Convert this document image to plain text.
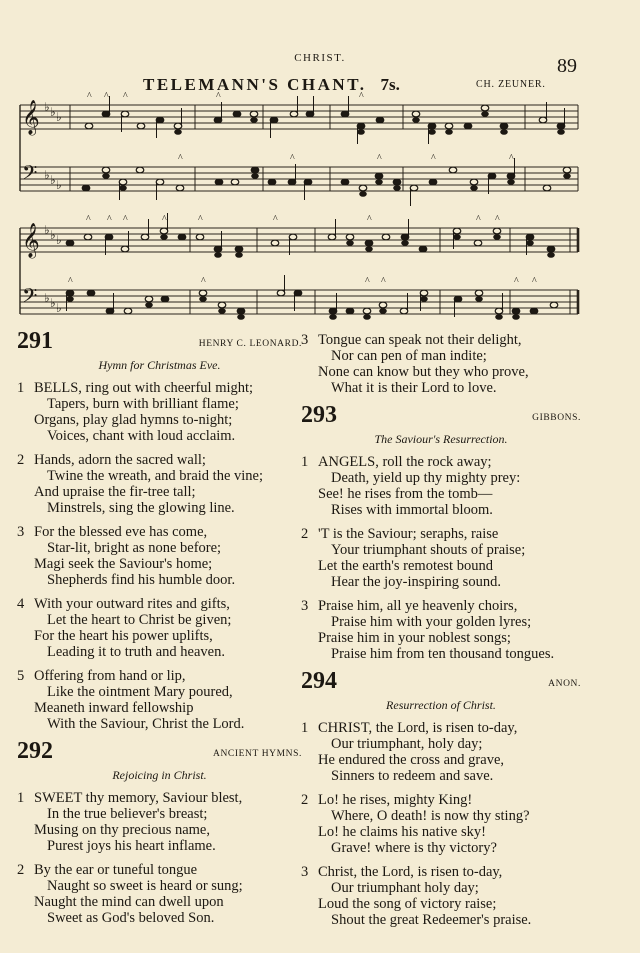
CHRIST.	89
TELEMANN'S CHANT. 7s.	CH. ZEUNER.
𝄞 ♭ ♭ ♭
^ ^ ^	^	^
𝄢 ♭ ♭ ♭
^	^	^	^	^
𝄞 ♭ ♭ ♭
^ ^ ^	^	^	^	^	^ ^
𝄢 ♭ ♭ ♭
^	^	^ ^	^ ^
291	HENRY C. LEONARD.
Hymn for Christmas Eve.
1 BELLS, ring out with cheerful might;
Tapers, burn with brilliant flame;
Organs, play glad hymns to-night;
Voices, chant with loud acclaim.
2 Hands, adorn the sacred wall;
Twine the wreath, and braid the vine;
And upraise the fir-tree tall;
Minstrels, sing the glowing line.
3 For the blessed eve has come,
Star-lit, bright as none before;
Magi seek the Saviour's home;
Shepherds find his humble door.
4 With your outward rites and gifts,
Let the heart to Christ be given;
For the heart his power uplifts,
Leading it to truth and heaven.
5 Offering from hand or lip,
Like the ointment Mary poured,
Meaneth inward fellowship
With the Saviour, Christ the Lord.
292	ANCIENT HYMNS.
Rejoicing in Christ.
1 SWEET thy memory, Saviour blest,
In the true believer's breast;
Musing on thy precious name,
Purest joys his heart inflame.
2 By the ear or tuneful tongue
Naught so sweet is heard or sung;
Naught the mind can dwell upon
Sweet as God's beloved Son.
3 Tongue can speak not their delight,
Nor can pen of man indite;
None can know but they who prove,
What it is their Lord to love.
293	GIBBONS.
The Saviour's Resurrection.
1 ANGELS, roll the rock away;
Death, yield up thy mighty prey:
See! he rises from the tomb—
Rises with immortal bloom.
2 'T is the Saviour; seraphs, raise
Your triumphant shouts of praise;
Let the earth's remotest bound
Hear the joy-inspiring sound.
3 Praise him, all ye heavenly choirs,
Praise him with your golden lyres;
Praise him in your noblest songs;
Praise him from ten thousand tongues.
294	ANON.
Resurrection of Christ.
1 CHRIST, the Lord, is risen to-day,
Our triumphant, holy day;
He endured the cross and grave,
Sinners to redeem and save.
2 Lo! he rises, mighty King!
Where, O death! is now thy sting?
Lo! he claims his native sky!
Grave! where is thy victory?
3 Christ, the Lord, is risen to-day,
Our triumphant holy day;
Loud the song of victory raise;
Shout the great Redeemer's praise.
